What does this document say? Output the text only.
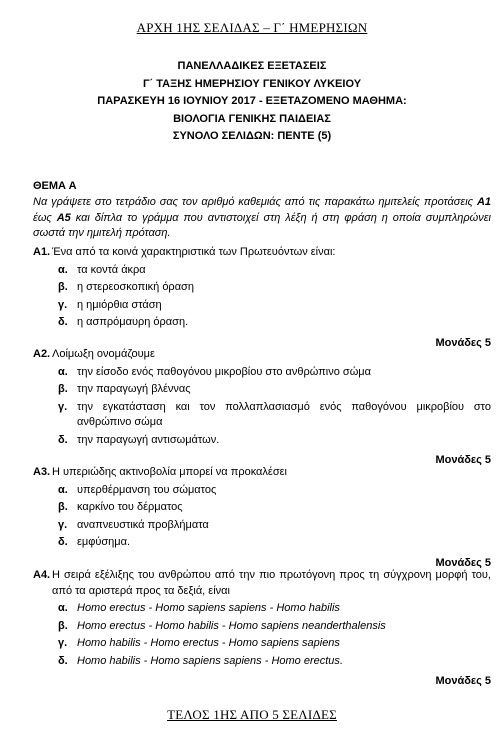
ΑΡΧΗ 1ΗΣ ΣΕΛΙΔΑΣ – Γ΄ ΗΜΕΡΗΣΙΩΝ
ΠΑΝΕΛΛΑΔΙΚΕΣ ΕΞΕΤΑΣΕΙΣ
Γ΄ ΤΑΞΗΣ ΗΜΕΡΗΣΙΟΥ ΓΕΝΙΚΟΥ ΛΥΚΕΙΟΥ
ΠΑΡΑΣΚΕΥΗ 16 ΙΟΥΝΙΟΥ 2017 - ΕΞΕΤΑΖΟΜΕΝΟ ΜΑΘΗΜΑ:
ΒΙΟΛΟΓΙΑ ΓΕΝΙΚΗΣ ΠΑΙΔΕΙΑΣ
ΣΥΝΟΛΟ ΣΕΛΙΔΩΝ: ΠΕΝΤΕ (5)
ΘΕΜΑ Α
Να γράψετε στο τετράδιο σας τον αριθμό καθεμιάς από τις παρακάτω ημιτελείς προτάσεις Α1 έως Α5 και δίπλα το γράμμα που αντιστοιχεί στη λέξη ή στη φράση η οποία συμπληρώνει σωστά την ημιτελή πρόταση.
Α1. Ένα από τα κοινά χαρακτηριστικά των Πρωτευόντων είναι:
α. τα κοντά άκρα
β. η στερεοσκοπική όραση
γ. η ημιόρθια στάση
δ. η ασπρόμαυρη όραση.
Μονάδες 5
Α2. Λοίμωξη ονομάζουμε
α. την είσοδο ενός παθογόνου μικροβίου στο ανθρώπινο σώμα
β. την παραγωγή βλέννας
γ. την εγκατάσταση και τον πολλαπλασιασμό ενός παθογόνου μικροβίου στο ανθρώπινο σώμα
δ. την παραγωγή αντισωμάτων.
Μονάδες 5
Α3. Η υπεριώδης ακτινοβολία μπορεί να προκαλέσει
α. υπερθέρμανση του σώματος
β. καρκίνο του δέρματος
γ. αναπνευστικά προβλήματα
δ. εμφύσημα.
Μονάδες 5
Α4. Η σειρά εξέλιξης του ανθρώπου από την πιο πρωτόγονη προς τη σύγχρονη μορφή του, από τα αριστερά προς τα δεξιά, είναι
α. Homo erectus - Homo sapiens sapiens - Homo habilis
β. Homo erectus - Homo habilis - Homo sapiens neanderthalensis
γ. Homo habilis - Homo erectus - Homo sapiens sapiens
δ. Homo habilis - Homo sapiens sapiens - Homo erectus.
Μονάδες 5
ΤΕΛΟΣ 1ΗΣ ΑΠΟ 5 ΣΕΛΙΔΕΣ
